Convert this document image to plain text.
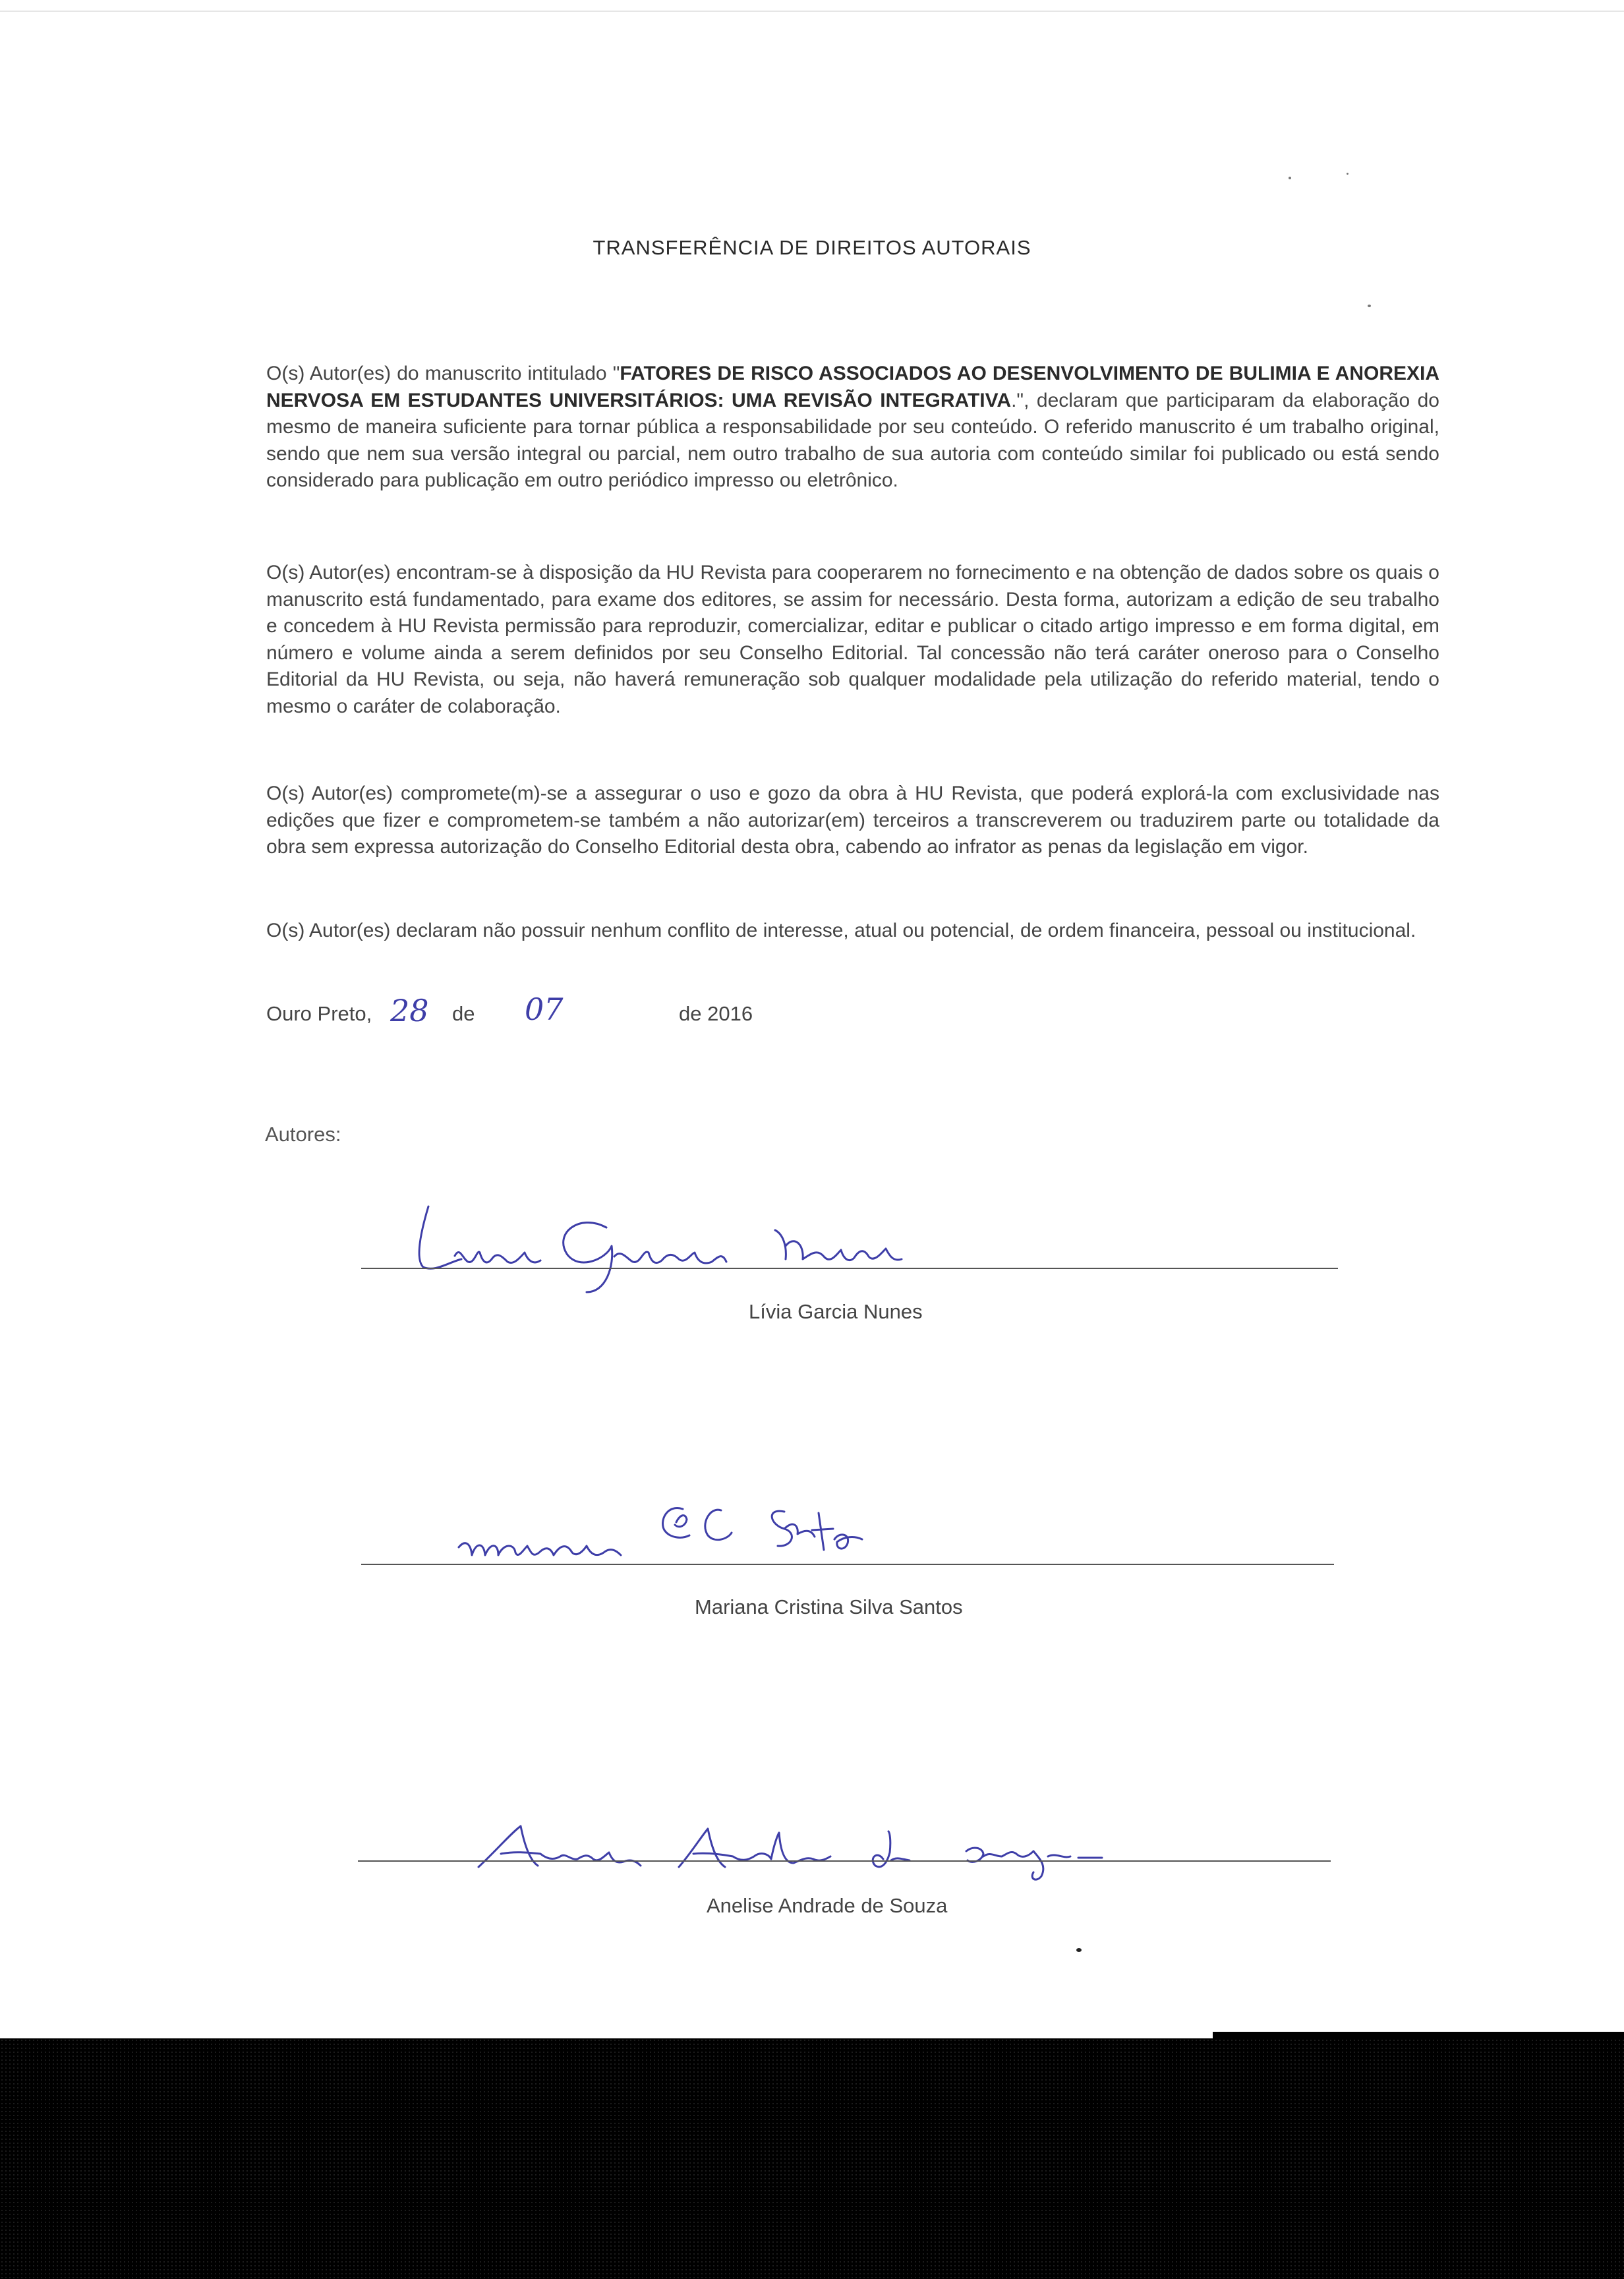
TRANSFERÊNCIA DE DIREITOS AUTORAIS
O(s) Autor(es) do manuscrito intitulado "FATORES DE RISCO ASSOCIADOS AO DESENVOLVIMENTO DE BULIMIA E ANOREXIA NERVOSA EM ESTUDANTES UNIVERSITÁRIOS: UMA REVISÃO INTEGRATIVA.", declaram que participaram da elaboração do mesmo de maneira suficiente para tornar pública a responsabilidade por seu conteúdo. O referido manuscrito é um trabalho original, sendo que nem sua versão integral ou parcial, nem outro trabalho de sua autoria com conteúdo similar foi publicado ou está sendo considerado para publicação em outro periódico impresso ou eletrônico.
O(s) Autor(es) encontram-se à disposição da HU Revista para cooperarem no fornecimento e na obtenção de dados sobre os quais o manuscrito está fundamentado, para exame dos editores, se assim for necessário. Desta forma, autorizam a edição de seu trabalho e concedem à HU Revista permissão para reproduzir, comercializar, editar e publicar o citado artigo impresso e em forma digital, em número e volume ainda a serem definidos por seu Conselho Editorial. Tal concessão não terá caráter oneroso para o Conselho Editorial da HU Revista, ou seja, não haverá remuneração sob qualquer modalidade pela utilização do referido material, tendo o mesmo o caráter de colaboração.
O(s) Autor(es) compromete(m)-se a assegurar o uso e gozo da obra à HU Revista, que poderá explorá-la com exclusividade nas edições que fizer e comprometem-se também a não autorizar(em) terceiros a transcreverem ou traduzirem parte ou totalidade da obra sem expressa autorização do Conselho Editorial desta obra, cabendo ao infrator as penas da legislação em vigor.
O(s) Autor(es) declaram não possuir nenhum conflito de interesse, atual ou potencial, de ordem financeira, pessoal ou institucional.
Ouro Preto, 28 de 07	de 2016
Autores:
Lívia Garcia Nunes
Mariana Cristina Silva Santos
Anelise Andrade de Souza
